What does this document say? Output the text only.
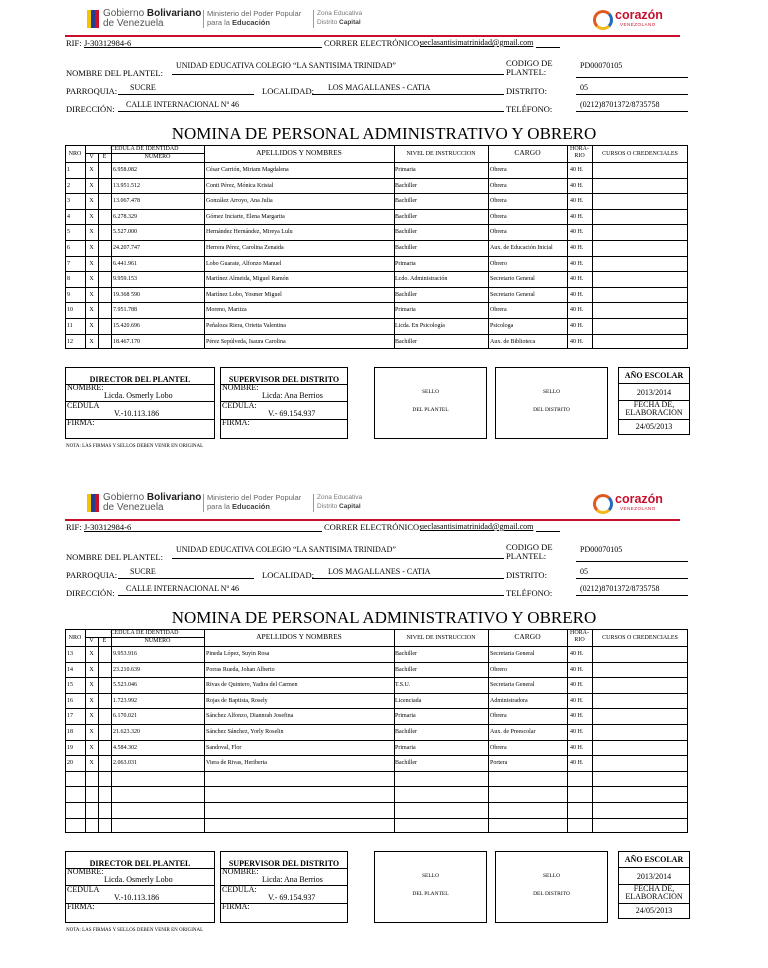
Gobierno Bolivariano
de Venezuela
Ministerio del Poder Popular
para la Educación
Zona Educativa
Distrito Capital	corazón
VENEZOLANO
RIF: J-30312984-6	CORRER ELECTRÓNICO:
ueclasantisimatrinidad@gmail.com
NOMBRE DEL PLANTEL:
UNIDAD EDUCATIVA COLEGIO “LA SANTISIMA TRINIDAD”	CODIGO DE
PLANTEL:
PD00070105
PARROQUIA: SUCRE	LOCALIDAD: LOS MAGALLANES - CATIA	DISTRITO:	05
DIRECCIÓN: CALLE INTERNACIONAL Nº 46	TELÉFONO:	(0212)8701372/8735758
NOMINA DE PERSONAL ADMINISTRATIVO Y OBRERO
NRO
CEDULA DE IDENTIDAD
V	E	NUMERO	APELLIDOS Y NOMBRES	NIVEL DE INSTRUCCION	CARGO	HORA-
RIO	CURSOS O CREDENCIALES
1	X	6.958.082	César Carrión, Miriam Magdalena	Primaria	Obrera	40 H.
2	X	13.951.512	Conti Pérez, Mónica Kristal	Bachiller	Obrera	40 H.
3	X	13.067.478	González Arroyo, Ana Julia	Bachiller	Obrera	40 H.
4	X	6.278.329	Gómez Inciarte, Elena Margarita	Bachiller	Obrera	40 H.
5	X	5.527.000	Hernández Hernández, Mireya Lulu	Bachiller	Obrera	40 H.
6	X	24.207.747	Herrera Pérez, Carolina Zenaida	Bachiller	Aux. de Educación Inicial	40 H.
7	X	6.441.961	Lobo Guarate, Alfonzo Manuel	Primaria	Obrero	40 H.
8	X	9.959.153	Martínez Almeida, Miguel Ramón	Lcdo. Administración	Secretario General	40 H.
9	X	19.368 590	Martínez Lobo, Yosmer Miguel	Bachiller	Secretario General	40 H.
10	X	7.951.788	Moreno, Maritza	Primaria	Obrera	40 H.
11	X	15.420.696	Peñaloza Riera, Orietta Valentina	Licda. En Psicología	Psicologa	40 H.
12	X	18.467.170	Pérez Sepúlveda, Isaura Carolina	Bachiller	Aux. de Biblioteca	40 H.
DIRECTOR DEL PLANTEL
NOMBRE:
Licda. Osmerly Lobo
CEDULA
V.-10.113.186
FIRMA:
SUPERVISOR DEL DISTRITO
NOMBRE:
Licda: Ana Berrios
CEDULA:
V.- 69.154.937
FIRMA:
SELLO
DEL PLANTEL
SELLO
DEL DISTRITO
AÑO ESCOLAR
2013/2014
FECHA DE,
ELABORACION
24/05/2013
NOTA: LAS FIRMAS Y SELLOS DEBEN VENIR EN ORIGINAL
Gobierno Bolivariano
de Venezuela
Ministerio del Poder Popular
para la Educación
Zona Educativa
Distrito Capital	corazón
VENEZOLANO
RIF: J-30312984-6	CORRER ELECTRÓNICO:
ueclasantisimatrinidad@gmail.com
NOMBRE DEL PLANTEL:
UNIDAD EDUCATIVA COLEGIO “LA SANTISIMA TRINIDAD”	CODIGO DE
PLANTEL:
PD00070105
PARROQUIA: SUCRE	LOCALIDAD: LOS MAGALLANES - CATIA	DISTRITO:	05
DIRECCIÓN: CALLE INTERNACIONAL Nº 46	TELÉFONO:	(0212)8701372/8735758
NOMINA DE PERSONAL ADMINISTRATIVO Y OBRERO
NRO
CEDULA DE IDENTIDAD
V	E	NUMERO	APELLIDOS Y NOMBRES	NIVEL DE INSTRUCCION	CARGO	HORA-
RIO	CURSOS O CREDENCIALES
13	X	9.953.916	Pineda López, Suyin Rosa	Bachiller	Secretaria General	40 H.
14	X	23.210.639	Porras Rueda, Johan Alberto	Bachiller	Obrero	40 H.
15	X	5.523.046	Rivas de Quintero, Yadira del Carmen	T.S.U.	Secretaria General	40 H.
16	X	1.723.992	Rojas de Baptista, Rosely	Licenciada	Administradora	40 H.
17	X	6.170.021	Sánchez Alfonzo, Diannrah Josefina	Primaria	Obrera	40 H.
18	X	21.623.320	Sánchez Sánchez, Yorly Roselin	Bachiller	Aux. de Preescolar	40 H.
19	X	4.584.302	Sandoval, Flor	Primaria	Obrera	40 H.
20	X	2.063.031	Viera de Rivas, Heriberta	Bachiller	Portera	40 H.
DIRECTOR DEL PLANTEL
NOMBRE:
Licda. Osmerly Lobo
CEDULA
V.-10.113.186
FIRMA:
SUPERVISOR DEL DISTRITO
NOMBRE:
Licda: Ana Berrios
CEDULA:
V.- 69.154.937
FIRMA:
SELLO
DEL PLANTEL
SELLO
DEL DISTRITO
AÑO ESCOLAR
2013/2014
FECHA DE,
ELABORACION
24/05/2013
NOTA: LAS FIRMAS Y SELLOS DEBEN VENIR EN ORIGINAL
